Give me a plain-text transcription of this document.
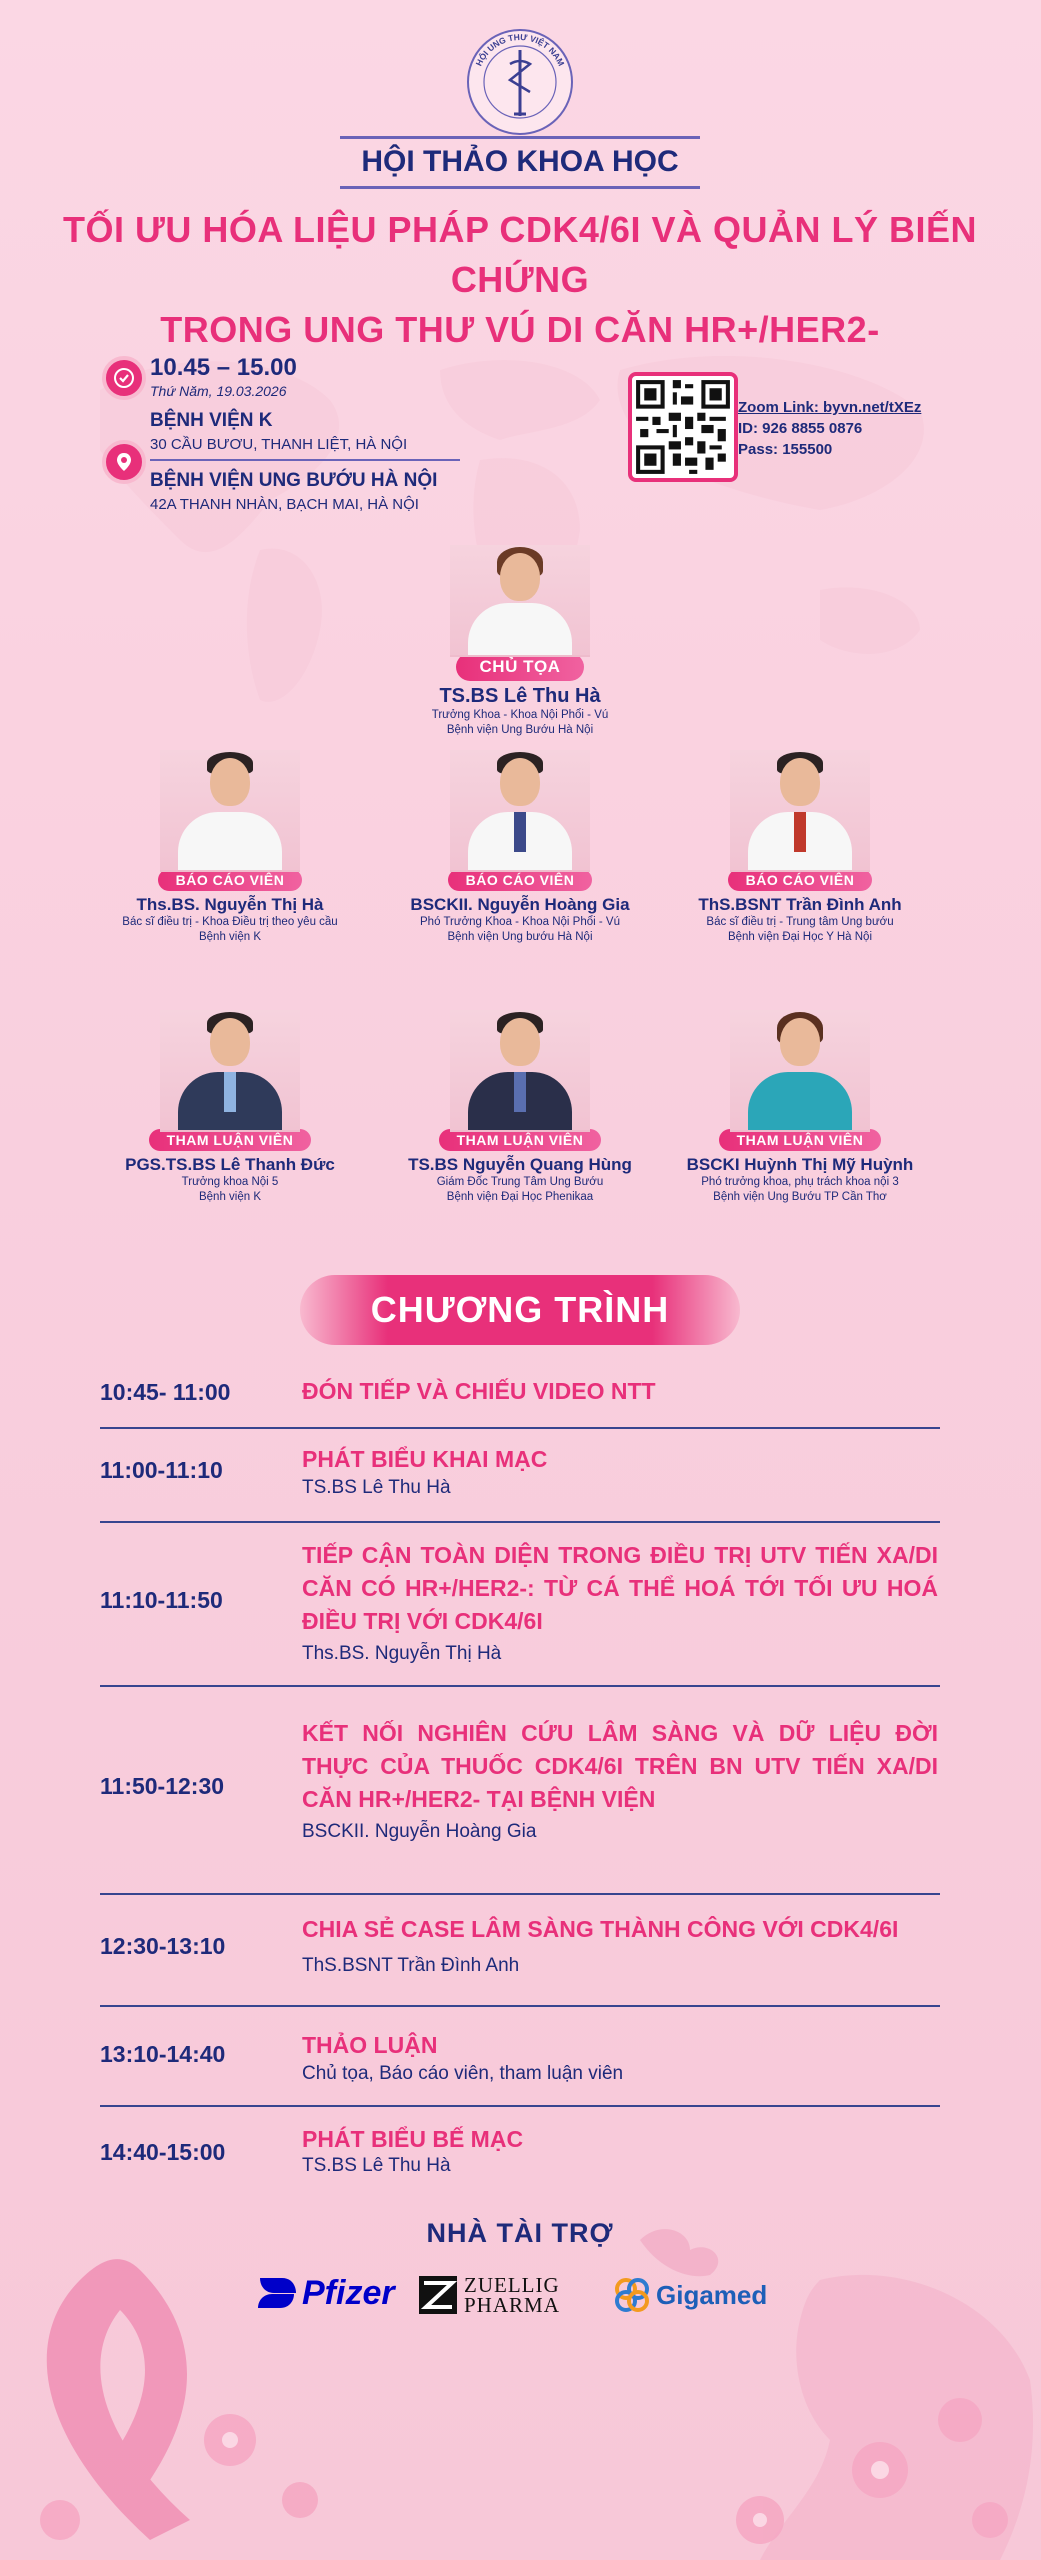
HỘI UNG THƯ VIỆT NAM
HỘI THẢO KHOA HỌC
TỐI ƯU HÓA LIỆU PHÁP CDK4/6I VÀ QUẢN LÝ BIẾN CHỨNG
TRONG UNG THƯ VÚ DI CĂN HR+/HER2-
10.45 – 15.00
Thứ Năm, 19.03.2026
BỆNH VIỆN K
30 CẦU BƯƠU, THANH LIỆT, HÀ NỘI
BỆNH VIỆN UNG BƯỚU HÀ NỘI
42A THANH NHÀN, BẠCH MAI, HÀ NỘI
Zoom Link: byvn.net/tXEz
ID: 926 8855 0876
Pass: 155500
CHỦ TỌA
TS.BS Lê Thu Hà
Trưởng Khoa - Khoa Nội Phổi - Vú
Bệnh viện Ung Bướu Hà Nội
BÁO CÁO VIÊN
Ths.BS. Nguyễn Thị Hà
Bác sĩ điều trị - Khoa Điều trị theo yêu cầu
Bệnh viện K
BÁO CÁO VIÊN
BSCKII. Nguyễn Hoàng Gia
Phó Trưởng Khoa - Khoa Nội Phổi - Vú
Bệnh viện Ung bướu Hà Nội
BÁO CÁO VIÊN
ThS.BSNT Trần Đình Anh
Bác sĩ điều trị - Trung tâm Ung bướu
Bệnh viện Đại Học Y Hà Nội
THAM LUẬN VIÊN
PGS.TS.BS Lê Thanh Đức
Trưởng khoa Nội 5
Bệnh viện K
THAM LUẬN VIÊN
TS.BS Nguyễn Quang Hùng
Giám Đốc Trung Tâm Ung Bướu
Bệnh viện Đại Học Phenikaa
THAM LUẬN VIÊN
BSCKI Huỳnh Thị Mỹ Huỳnh
Phó trưởng khoa, phụ trách khoa nội 3
Bệnh viện Ung Bướu TP Cần Thơ
CHƯƠNG TRÌNH
10:45- 11:00	ĐÓN TIẾP VÀ CHIẾU VIDEO NTT
11:00-11:10	PHÁT BIỂU KHAI MẠC
TS.BS Lê Thu Hà
11:10-11:50
TIẾP CẬN TOÀN DIỆN TRONG ĐIỀU TRỊ UTV TIẾN XA/DI CĂN CÓ HR+/HER2-: TỪ CÁ THỂ HOÁ TỚI TỐI ƯU HOÁ ĐIỀU TRỊ VỚI CDK4/6I
Ths.BS. Nguyễn Thị Hà
11:50-12:30
KẾT NỐI NGHIÊN CỨU LÂM SÀNG VÀ DỮ LIỆU ĐỜI THỰC CỦA THUỐC CDK4/6I TRÊN BN UTV TIẾN XA/DI CĂN HR+/HER2- TẠI BỆNH VIỆN
BSCKII. Nguyễn Hoàng Gia
12:30-13:10
CHIA SẺ CASE LÂM SÀNG THÀNH CÔNG VỚI CDK4/6I
ThS.BSNT Trần Đình Anh
13:10-14:40	THẢO LUẬN
Chủ tọa, Báo cáo viên, tham luận viên
14:40-15:00	PHÁT BIỂU BẾ MẠC
TS.BS Lê Thu Hà
NHÀ TÀI TRỢ
Pfizer	ZUELLIG
PHARMA	Gigamed
